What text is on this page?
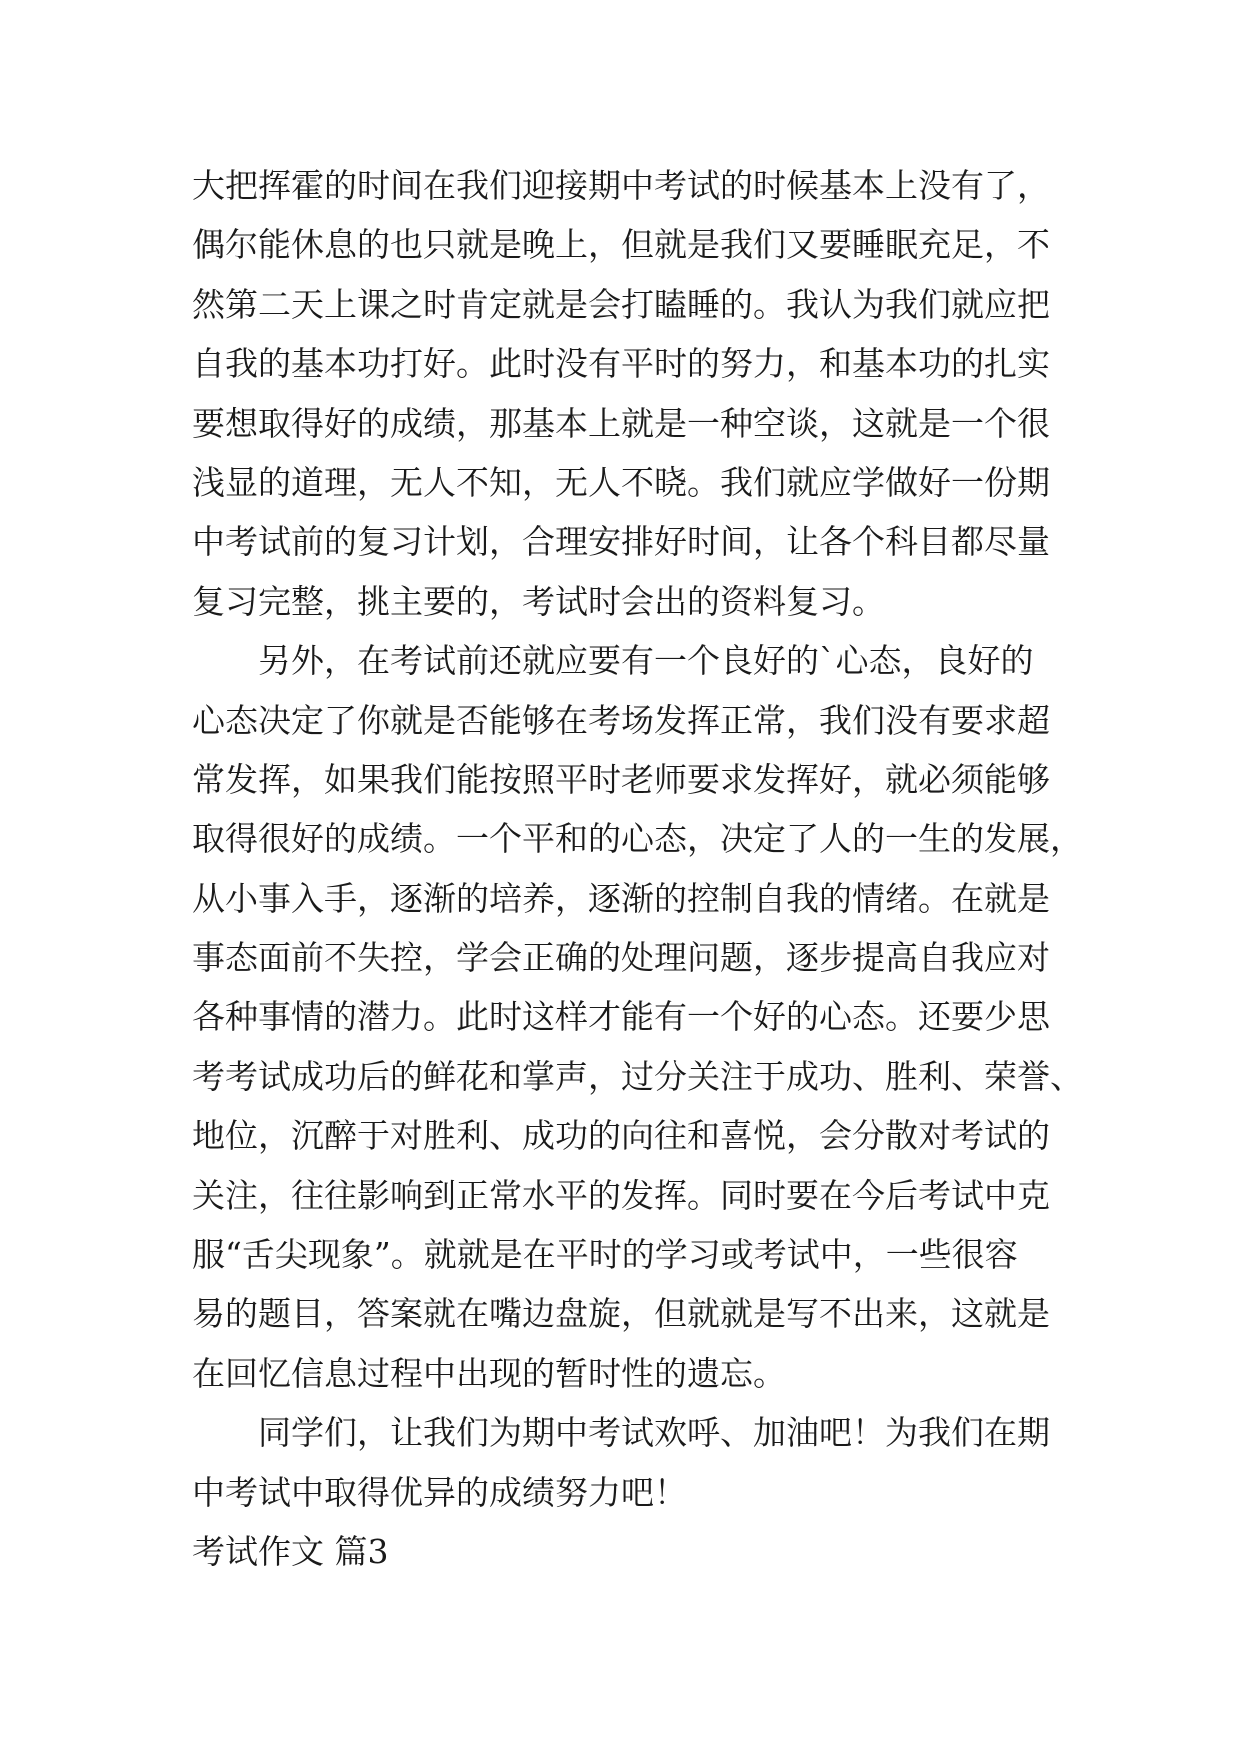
大把挥霍的时间在我们迎接期中考试的时候基本上没有了，
偶尔能休息的也只就是晚上，但就是我们又要睡眠充足，不
然第二天上课之时肯定就是会打瞌睡的。我认为我们就应把
自我的基本功打好。此时没有平时的努力，和基本功的扎实
要想取得好的成绩，那基本上就是一种空谈，这就是一个很
浅显的道理，无人不知，无人不晓。我们就应学做好一份期
中考试前的复习计划，合理安排好时间，让各个科目都尽量
复习完整，挑主要的，考试时会出的资料复习。
　　另外，在考试前还就应要有一个良好的`心态，良好的
心态决定了你就是否能够在考场发挥正常，我们没有要求超
常发挥，如果我们能按照平时老师要求发挥好，就必须能够
取得很好的成绩。一个平和的心态，决定了人的一生的发展，
从小事入手，逐渐的培养，逐渐的控制自我的情绪。在就是
事态面前不失控，学会正确的处理问题，逐步提高自我应对
各种事情的潜力。此时这样才能有一个好的心态。还要少思
考考试成功后的鲜花和掌声，过分关注于成功、胜利、荣誉、
地位，沉醉于对胜利、成功的向往和喜悦，会分散对考试的
关注，往往影响到正常水平的发挥。同时要在今后考试中克
服“舌尖现象”。就就是在平时的学习或考试中，一些很容
易的题目，答案就在嘴边盘旋，但就就是写不出来，这就是
在回忆信息过程中出现的暂时性的遗忘。
　　同学们，让我们为期中考试欢呼、加油吧！为我们在期
中考试中取得优异的成绩努力吧！
考试作文 篇3
